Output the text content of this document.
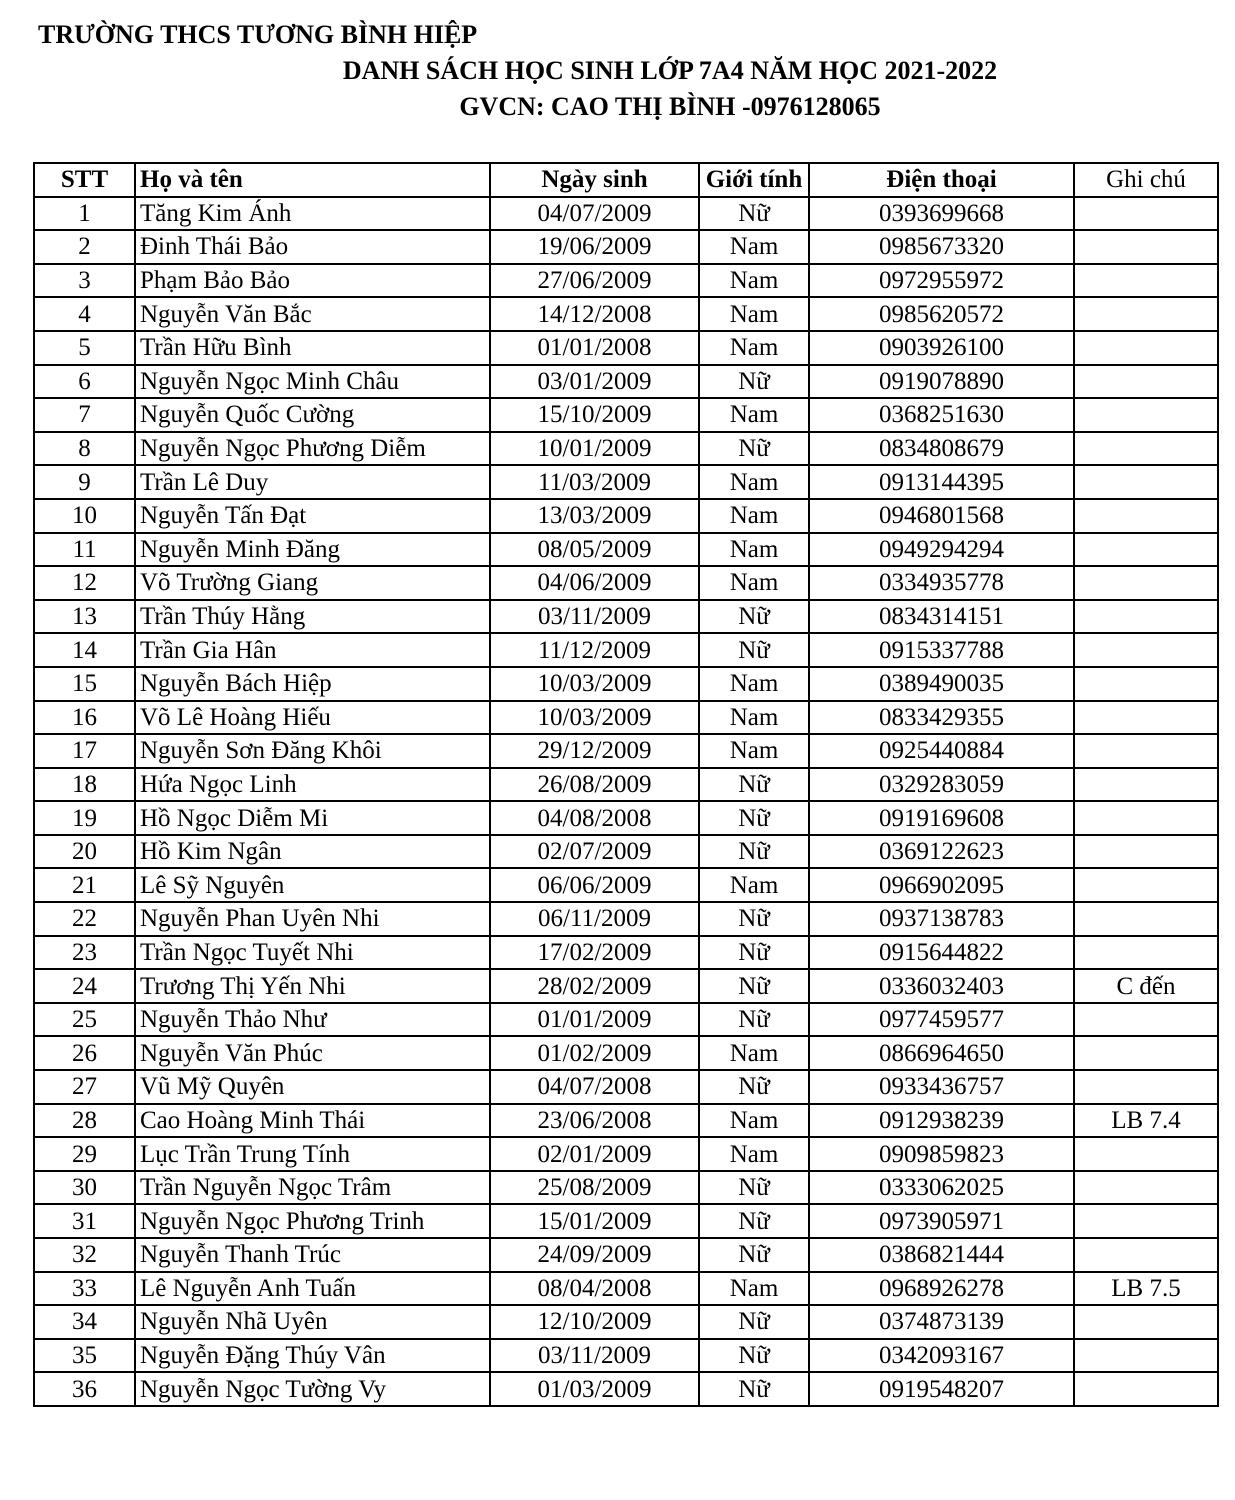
TRƯỜNG THCS TƯƠNG BÌNH HIỆP
DANH SÁCH HỌC SINH LỚP 7A4 NĂM HỌC 2021-2022
GVCN: CAO THỊ BÌNH -0976128065
STT	Họ và tên	Ngày sinh	Giới tính	Điện thoại	Ghi chú
1	Tăng Kim Ánh	04/07/2009	Nữ	0393699668	
2	Đinh Thái Bảo	19/06/2009	Nam	0985673320	
3	Phạm Bảo Bảo	27/06/2009	Nam	0972955972	
4	Nguyễn Văn Bắc	14/12/2008	Nam	0985620572	
5	Trần Hữu Bình	01/01/2008	Nam	0903926100	
6	Nguyễn Ngọc Minh Châu	03/01/2009	Nữ	0919078890	
7	Nguyễn Quốc Cường	15/10/2009	Nam	0368251630	
8	Nguyễn Ngọc Phương Diễm	10/01/2009	Nữ	0834808679	
9	Trần Lê Duy	11/03/2009	Nam	0913144395	
10	Nguyễn Tấn Đạt	13/03/2009	Nam	0946801568	
11	Nguyễn Minh Đăng	08/05/2009	Nam	0949294294	
12	Võ Trường Giang	04/06/2009	Nam	0334935778	
13	Trần Thúy Hằng	03/11/2009	Nữ	0834314151	
14	Trần Gia Hân	11/12/2009	Nữ	0915337788	
15	Nguyễn Bách Hiệp	10/03/2009	Nam	0389490035	
16	Võ Lê Hoàng Hiếu	10/03/2009	Nam	0833429355	
17	Nguyễn Sơn Đăng Khôi	29/12/2009	Nam	0925440884	
18	Hứa Ngọc Linh	26/08/2009	Nữ	0329283059	
19	Hồ Ngọc Diễm Mi	04/08/2008	Nữ	0919169608	
20	Hồ Kim Ngân	02/07/2009	Nữ	0369122623	
21	Lê Sỹ Nguyên	06/06/2009	Nam	0966902095	
22	Nguyễn Phan Uyên Nhi	06/11/2009	Nữ	0937138783	
23	Trần Ngọc Tuyết Nhi	17/02/2009	Nữ	0915644822	
24	Trương Thị Yến Nhi	28/02/2009	Nữ	0336032403	C đến
25	Nguyễn Thảo Như	01/01/2009	Nữ	0977459577	
26	Nguyễn Văn Phúc	01/02/2009	Nam	0866964650	
27	Vũ Mỹ Quyên	04/07/2008	Nữ	0933436757	
28	Cao Hoàng Minh Thái	23/06/2008	Nam	0912938239	LB 7.4
29	Lục Trần Trung Tính	02/01/2009	Nam	0909859823	
30	Trần Nguyễn Ngọc Trâm	25/08/2009	Nữ	0333062025	
31	Nguyễn Ngọc Phương Trinh	15/01/2009	Nữ	0973905971	
32	Nguyễn Thanh Trúc	24/09/2009	Nữ	0386821444	
33	Lê Nguyễn Anh Tuấn	08/04/2008	Nam	0968926278	LB 7.5
34	Nguyễn Nhã Uyên	12/10/2009	Nữ	0374873139	
35	Nguyễn Đặng Thúy Vân	03/11/2009	Nữ	0342093167	
36	Nguyễn Ngọc Tường Vy	01/03/2009	Nữ	0919548207	
